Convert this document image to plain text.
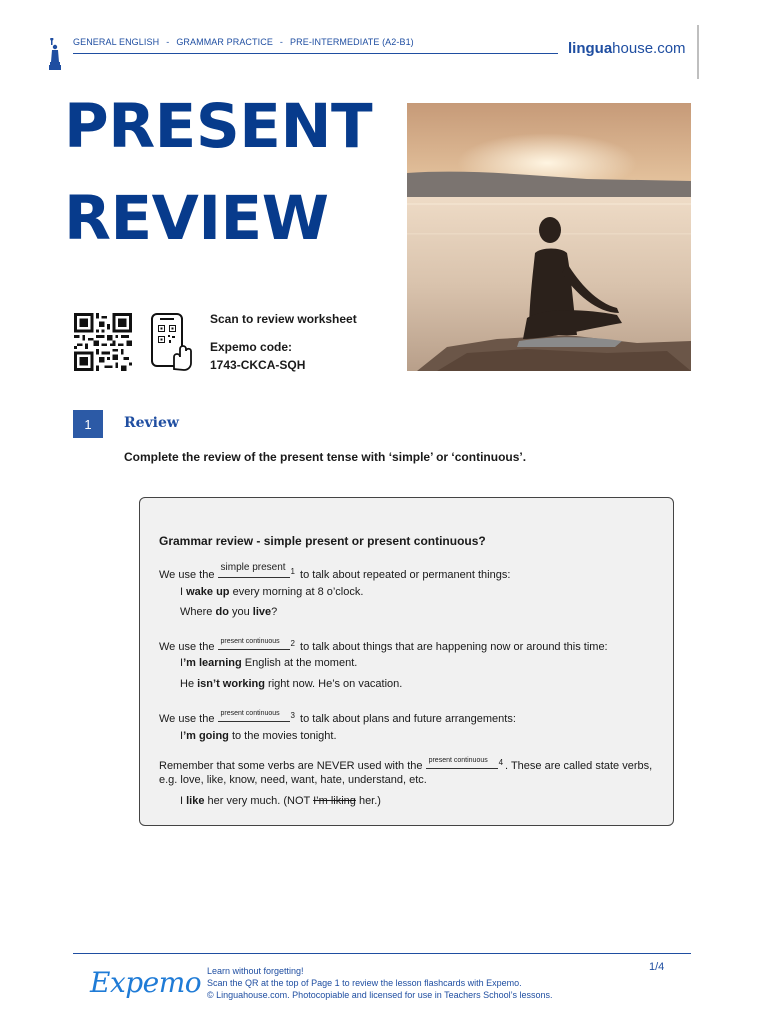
GENERAL ENGLISH - GRAMMAR PRACTICE - PRE-INTERMEDIATE (A2-B1)	linguahouse.com
PRESENT
REVIEW
Scan to review worksheet
Expemo code:
1743-CKCA-SQH
1	Review
Complete the review of the present tense with ‘simple’ or ‘continuous’.
Grammar review - simple present or present continuous?
We use the
simple present $^1$ to talk about repeated or permanent things:
I wake up every morning at 8 o’clock.
Where do you live?
We use the present continuous $^2$ to talk about things that are happening now or around this time:
I’m learning English at the moment.
He isn’t working right now. He’s on vacation.
We use the present continuous $^3$ to talk about plans and future arrangements:
I’m going to the movies tonight.
Remember that some verbs are NEVER used with the present continuous $^4$ . These are called state verbs,
e.g. love, like, know, need, want, hate, understand, etc.
I like her very much. (NOT I’m liking her.)
Expemo Learn without forgetting!
Scan the QR at the top of Page 1 to review the lesson flashcards with Expemo.
© Linguahouse.com. Photocopiable and licensed for use in Teachers School’s lessons.
1/4
